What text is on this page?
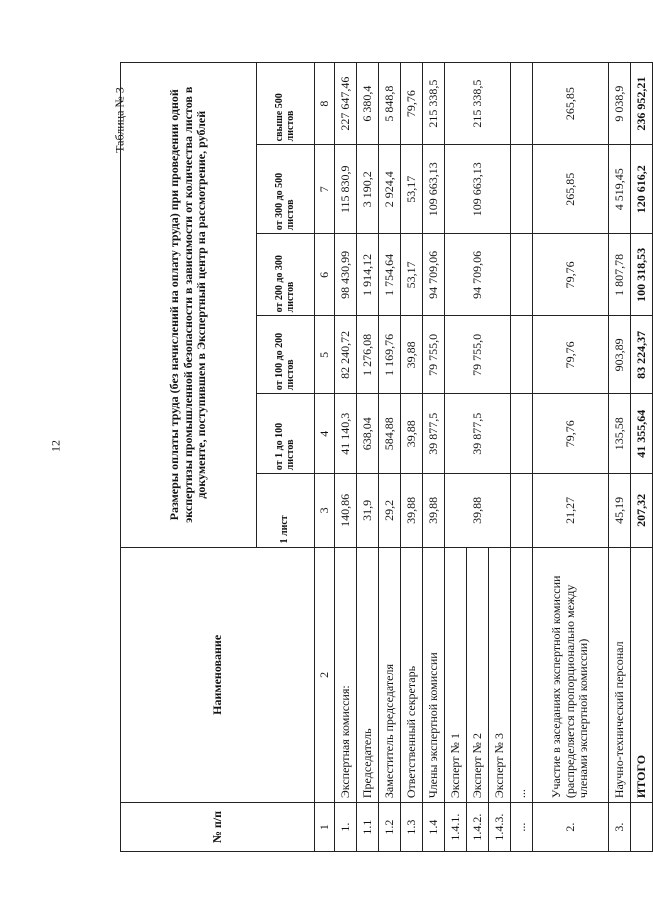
12
Таблица № 3
№ п/п	Наименование	Размеры оплаты труда (без начислений на оплату труда) при проведении одной экспертизы промышленной безопасности в зависимости от количества листов в документе, поступившем в Экспертный центр на рассмотрение, рублей					
		1 лист	от 1 до 100 листов	от 100 до 200 листов	от 200 до 300 листов	от 300 до 500 листов	свыше 500 листов
1	2	3	4	5	6	7	8
1.	Экспертная комиссия:	140,86	41 140,3	82 240,72	98 430,99	115 830,9	227 647,46
1.1	Председатель	31,9	638,04	1 276,08	1 914,12	3 190,2	6 380,4
1.2	Заместитель председателя	29,2	584,88	1 169,76	1 754,64	2 924,4	5 848,8
1.3	Ответственный секретарь	39,88	39,88	39,88	53,17	53,17	79,76
1.4	Члены экспертной комиссии	39,88	39 877,5	79 755,0	94 709,06	109 663,13	215 338,5
1.4.1.	Эксперт № 1	39,88	39 877,5	79 755,0	94 709,06	109 663,13	215 338,5
1.4.2.	Эксперт № 2						
1.4.3.	Эксперт № 3						
...	...						
2.	Участие в заседаниях экспертной комиссии (распределяется пропорционально между членами экспертной комиссии)	21,27	79,76	79,76	79,76	265,85	265,85
3.	Научно-технический персонал	45,19	135,58	903,89	1 807,78	4 519,45	9 038,9
	ИТОГО	207,32	41 355,64	83 224,37	100 318,53	120 616,2	236 952,21
